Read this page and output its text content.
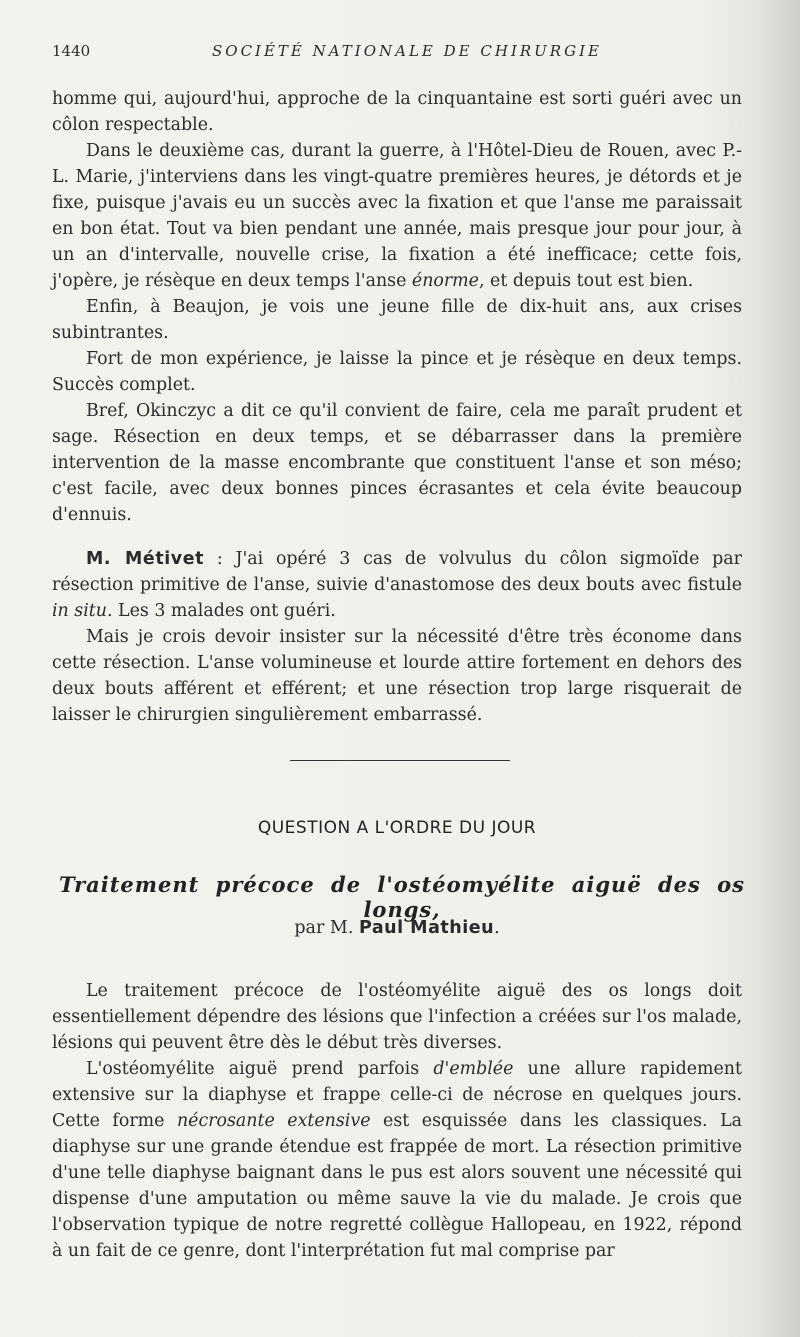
1440	SOCIÉTÉ NATIONALE DE CHIRURGIE

homme qui, aujourd'hui, approche de la cinquantaine est sorti guéri avec un côlon respectable.

Dans le deuxième cas, durant la guerre, à l'Hôtel-Dieu de Rouen, avec P.-L. Marie, j'interviens dans les vingt-quatre premières heures, je détords et je fixe, puisque j'avais eu un succès avec la fixation et que l'anse me paraissait en bon état. Tout va bien pendant une année, mais presque jour pour jour, à un an d'intervalle, nouvelle crise, la fixation a été inefficace; cette fois, j'opère, je résèque en deux temps l'anse énorme, et depuis tout est bien.

Enfin, à Beaujon, je vois une jeune fille de dix-huit ans, aux crises subintrantes.

Fort de mon expérience, je laisse la pince et je résèque en deux temps. Succès complet.

Bref, Okinczyc a dit ce qu'il convient de faire, cela me paraît prudent et sage. Résection en deux temps, et se débarrasser dans la première intervention de la masse encombrante que constituent l'anse et son méso; c'est facile, avec deux bonnes pinces écrasantes et cela évite beaucoup d'ennuis.

M. Métivet : J'ai opéré 3 cas de volvulus du côlon sigmoïde par résection primitive de l'anse, suivie d'anastomose des deux bouts avec fistule in situ. Les 3 malades ont guéri.

Mais je crois devoir insister sur la nécessité d'être très économe dans cette résection. L'anse volumineuse et lourde attire fortement en dehors des deux bouts afférent et efférent; et une résection trop large risquerait de laisser le chirurgien singulièrement embarrassé.

QUESTION A L'ORDRE DU JOUR
Traitement précoce de l'ostéomyélite aiguë des os longs,
par M. Paul Mathieu.

Le traitement précoce de l'ostéomyélite aiguë des os longs doit essentiellement dépendre des lésions que l'infection a créées sur l'os malade, lésions qui peuvent être dès le début très diverses.

L'ostéomyélite aiguë prend parfois d'emblée une allure rapidement extensive sur la diaphyse et frappe celle-ci de nécrose en quelques jours. Cette forme nécrosante extensive est esquissée dans les classiques. La diaphyse sur une grande étendue est frappée de mort. La résection primitive d'une telle diaphyse baignant dans le pus est alors souvent une nécessité qui dispense d'une amputation ou même sauve la vie du malade. Je crois que l'observation typique de notre regretté collègue Hallopeau, en 1922, répond à un fait de ce genre, dont l'interprétation fut mal comprise par
